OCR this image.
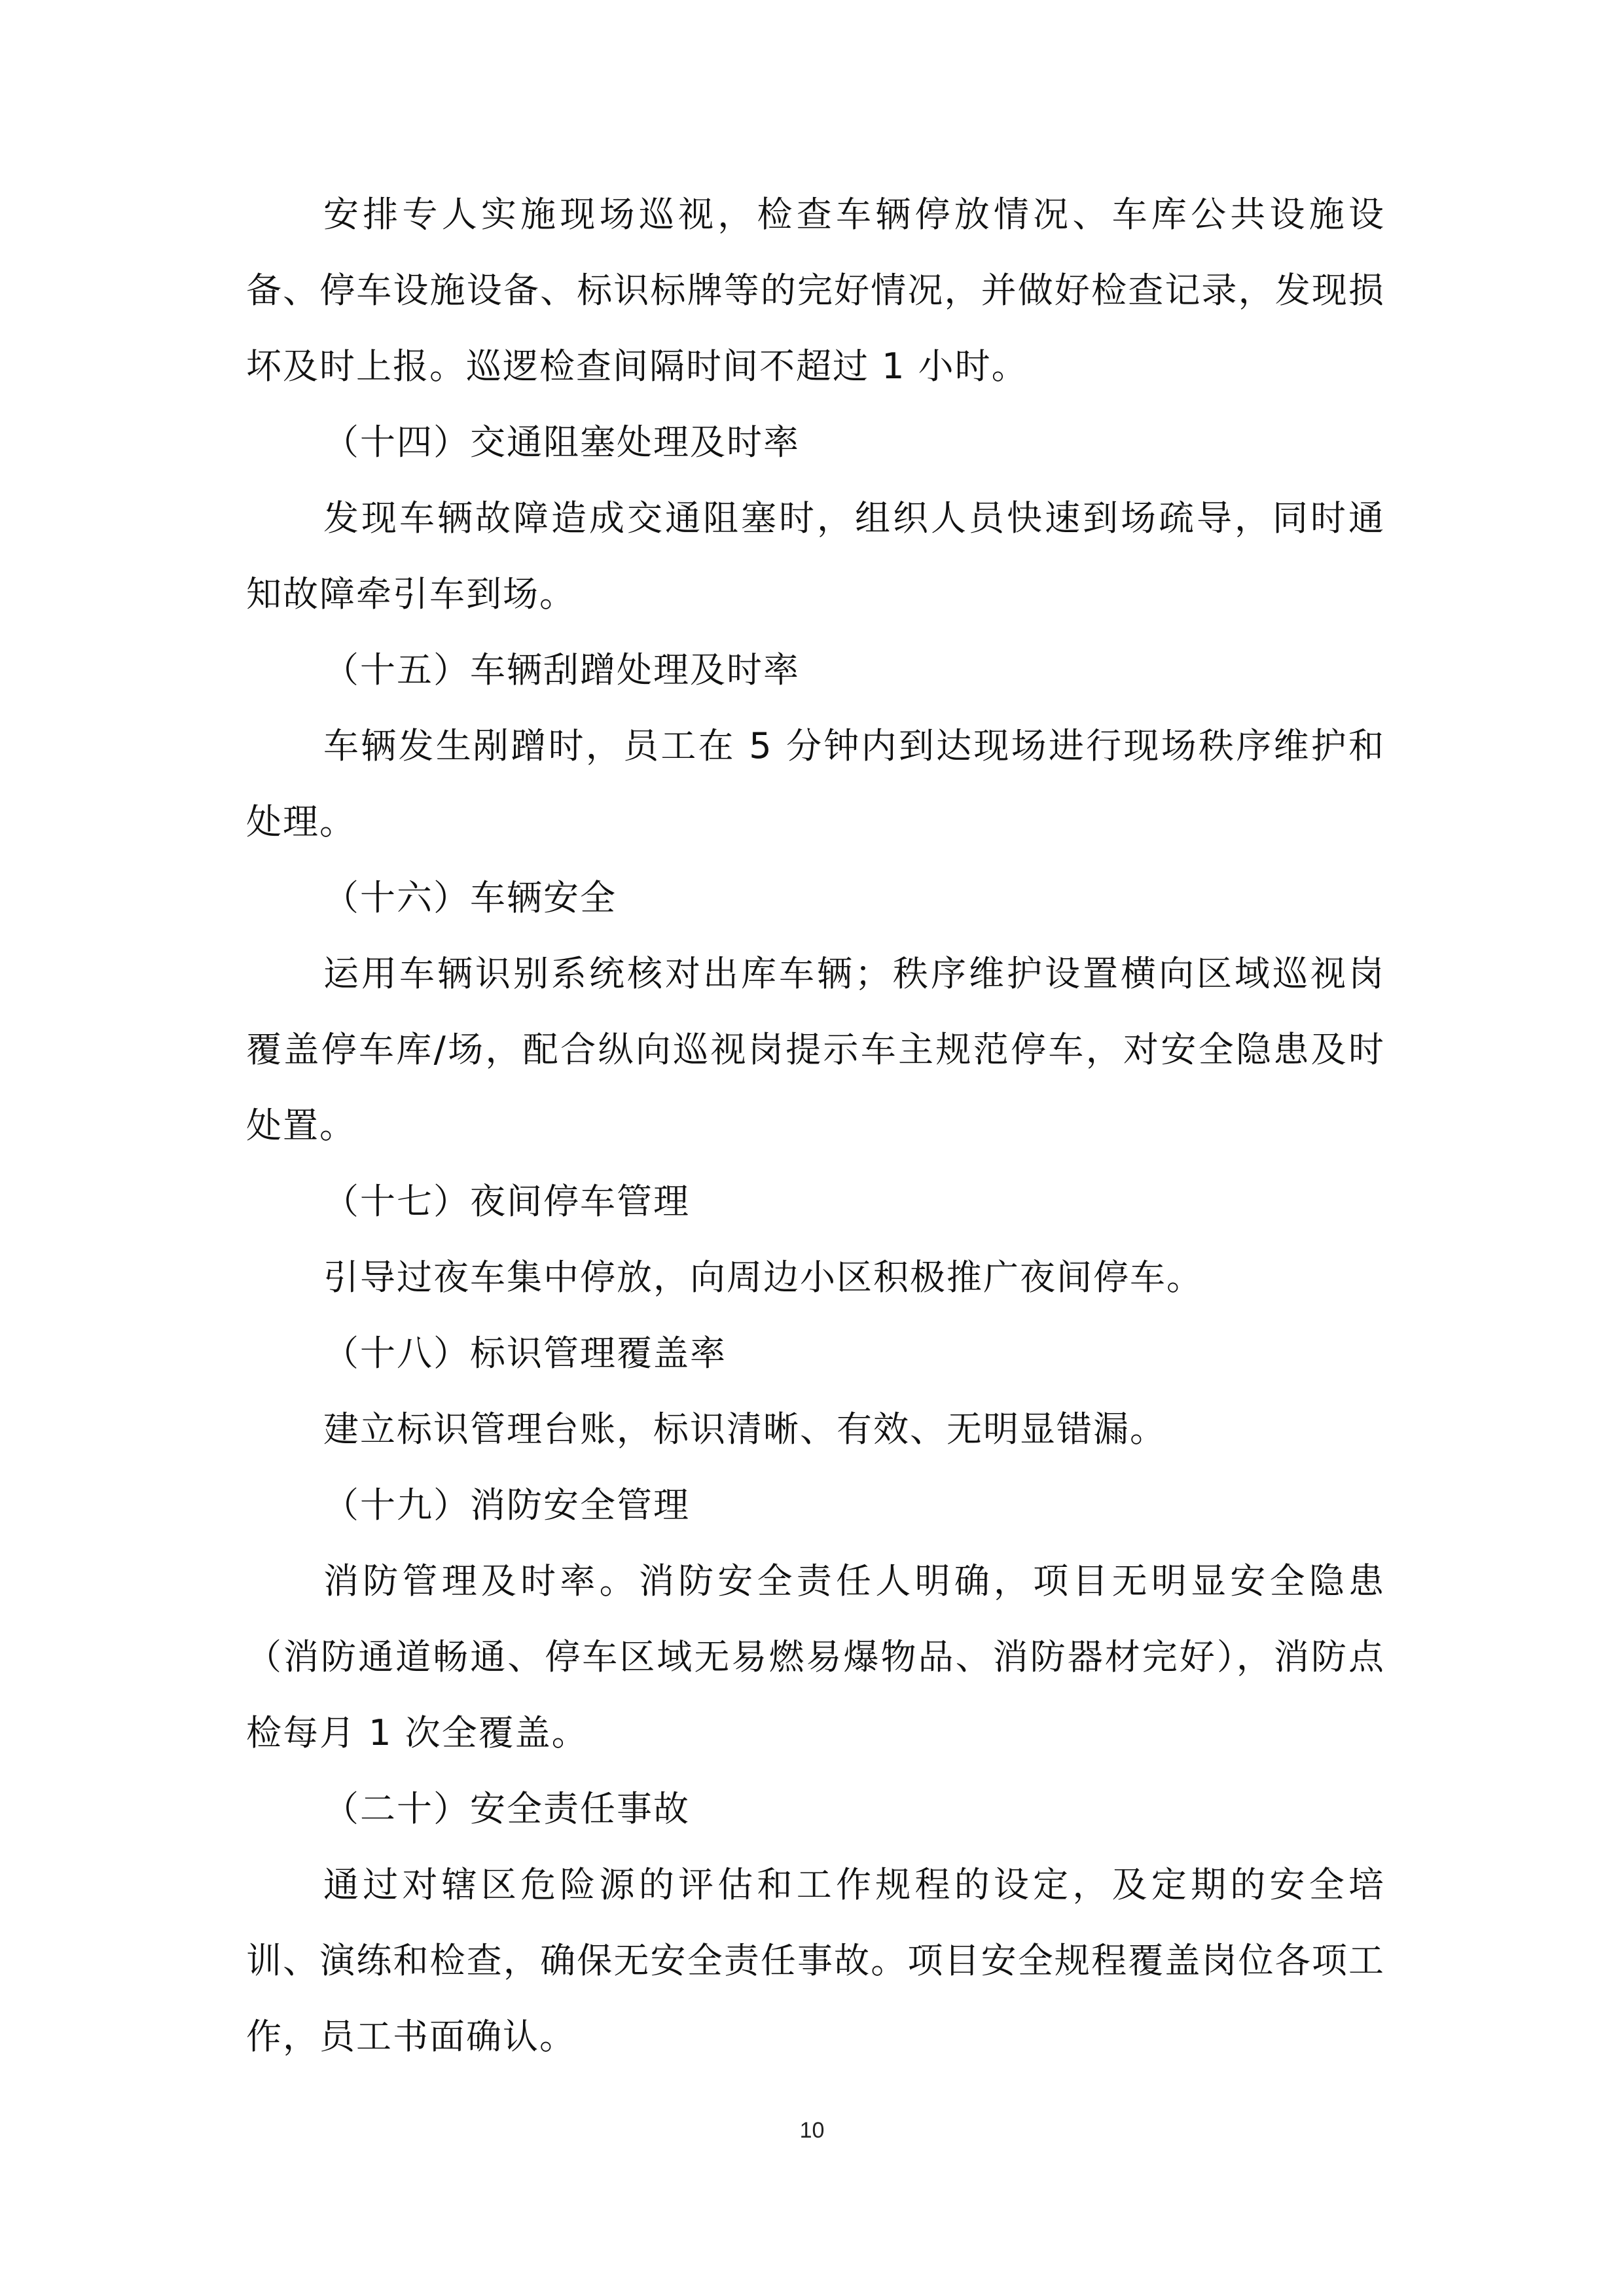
安排专人实施现场巡视，检查车辆停放情况、车库公共设施设备、停车设施设备、标识标牌等的完好情况，并做好检查记录，发现损坏及时上报。巡逻检查间隔时间不超过 1 小时。

（十四）交通阻塞处理及时率

发现车辆故障造成交通阻塞时，组织人员快速到场疏导，同时通知故障牵引车到场。

（十五）车辆刮蹭处理及时率

车辆发生剐蹭时，员工在 5 分钟内到达现场进行现场秩序维护和处理。

（十六）车辆安全

运用车辆识别系统核对出库车辆；秩序维护设置横向区域巡视岗覆盖停车库/场，配合纵向巡视岗提示车主规范停车，对安全隐患及时处置。

（十七）夜间停车管理

引导过夜车集中停放，向周边小区积极推广夜间停车。

（十八）标识管理覆盖率

建立标识管理台账，标识清晰、有效、无明显错漏。

（十九）消防安全管理

消防管理及时率。消防安全责任人明确，项目无明显安全隐患（消防通道畅通、停车区域无易燃易爆物品、消防器材完好），消防点检每月 1 次全覆盖。

（二十）安全责任事故

通过对辖区危险源的评估和工作规程的设定，及定期的安全培训、演练和检查，确保无安全责任事故。项目安全规程覆盖岗位各项工作，员工书面确认。

10
